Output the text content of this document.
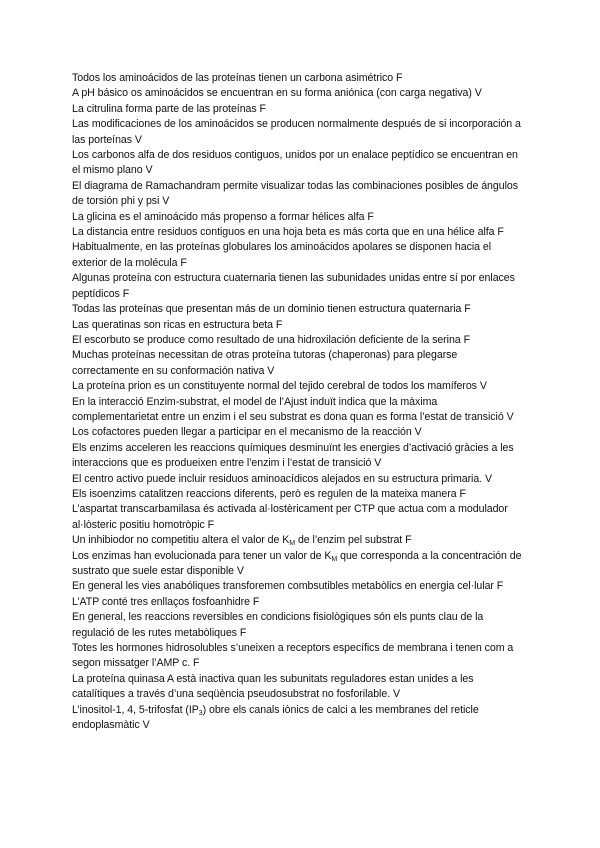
Todos los aminoácidos de las proteínas tienen un carbona asimétrico F

A pH básico os aminoácidos se encuentran en su forma aniónica (con carga negativa) V

La citrulina forma parte de las proteínas F

Las modificaciones de los aminoácidos se producen normalmente después de si incorporación a las porteínas V

Los carbonos alfa de dos residuos contiguos, unidos por un enalace peptídico se encuentran en el mismo plano V

El diagrama de Ramachandram permite visualizar todas las combinaciones posibles de ángulos de torsión phi y psi V

La glicina es el aminoácido más propenso a formar hélices alfa F

La distancia entre residuos contiguos en una hoja beta es más corta que en una hélice alfa F

Habitualmente, en las proteínas globulares los aminoácidos apolares se disponen hacia el exterior de la molécula F

Algunas proteína con estructura cuaternaria tienen las subunidades unidas entre sí por enlaces peptídicos F

Todas las proteínas que presentan más de un dominio tienen estructura quaternaria F

Las queratinas son ricas en estructura beta F

El escorbuto se produce como resultado de una hidroxilación deficiente de la serina F

Muchas proteínas necessitan de otras proteína tutoras (chaperonas) para plegarse correctamente en su conformación nativa V

La proteína prion es un constituyente normal del tejido cerebral de todos los mamíferos V

En la interacció Enzim-substrat, el model de l’Ajust induït indica que la màxima complementarietat entre un enzim i el seu substrat es dona quan es forma l’estat de transició V

Los cofactores pueden llegar a participar en el mecanismo de la reacción V

Els enzims acceleren les reaccions químiques desminuïnt les energies d’activació gràcies a les interaccions que es produeixen entre l’enzim i l’estat de transició V

El centro activo puede incluir residuos aminoacídicos alejados en su estructura primaria. V

Els isoenzims catalitzen reaccions diferents, però es regulen de la mateixa manera F

L’aspartat transcarbamilasa és activada al·lostèricament per CTP que actua com a modulador al·lòsteric positiu homotròpic F

Un inhibiodor no competitiu altera el valor de $K_M$ de l’enzim pel substrat F

Los enzimas han evolucionada para tener un valor de $K_M$ que corresponda a la concentración de sustrato que suele estar disponible V

En general les vies anabóliques transforemen combsutibles metabòlics en energia cel·lular F

L’ATP conté tres enllaços fosfoanhidre F

En general, les reaccions reversibles en condicions fisiològiques són els punts clau de la regulació de les rutes metabòliques F

Totes les hormones hidrosolubles s’uneixen a receptors específics de membrana i tenen com a segon missatger l’AMP c. F

La proteína quinasa A està inactiva quan les subunitats reguladores estan unides a les catalítiques a través d’una seqüència pseudosubstrat no fosforilable. V

L’inositol-1, 4, 5-trifosfat $(IP_3)$ obre els canals iònics de calci a les membranes del reticle endoplasmàtic V
